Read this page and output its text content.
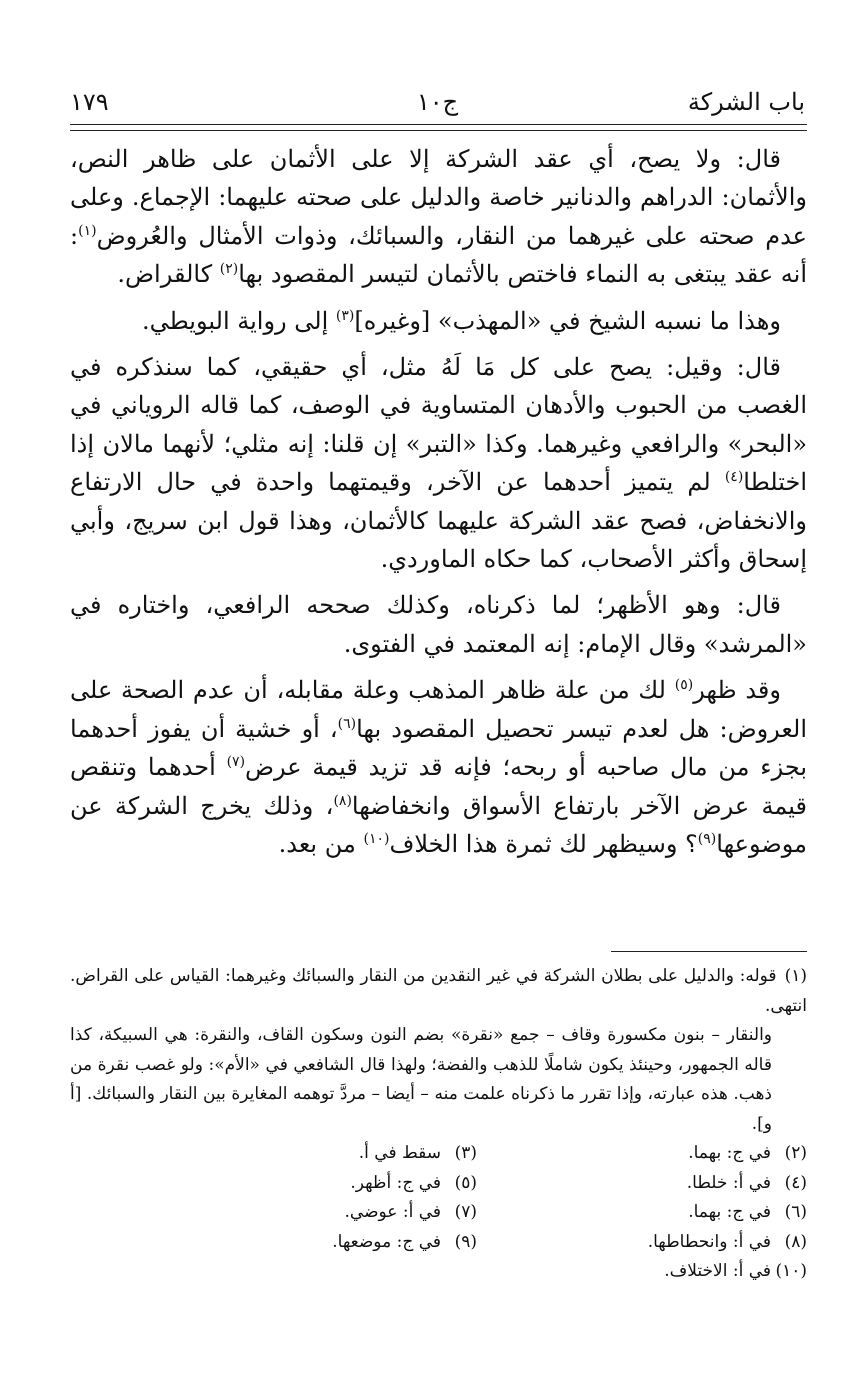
باب الشركة
ج١٠
١٧٩

قال: ولا يصح، أي عقد الشركة إلا على الأثمان على ظاهر النص، والأثمان: الدراهم والدنانير خاصة والدليل على صحته عليهما: الإجماع. وعلى عدم صحته على غيرهما من النقار، والسبائك، وذوات الأمثال والعُروض$^{(١)}$: أنه عقد يبتغى به النماء فاختص بالأثمان لتيسر المقصود بها$^{(٢)}$ كالقراض.

وهذا ما نسبه الشيخ في «المهذب» [وغيره]$^{(٣)}$ إلى رواية البويطي.

قال: وقيل: يصح على كل مَا لَهُ مثل، أي حقيقي، كما سنذكره في الغصب من الحبوب والأدهان المتساوية في الوصف، كما قاله الروياني في «البحر» والرافعي وغيرهما. وكذا «التبر» إن قلنا: إنه مثلي؛ لأنهما مالان إذا اختلطا$^{(٤)}$ لم يتميز أحدهما عن الآخر، وقيمتهما واحدة في حال الارتفاع والانخفاض، فصح عقد الشركة عليهما كالأثمان، وهذا قول ابن سريج، وأبي إسحاق وأكثر الأصحاب، كما حكاه الماوردي.

قال: وهو الأظهر؛ لما ذكرناه، وكذلك صححه الرافعي، واختاره في «المرشد» وقال الإمام: إنه المعتمد في الفتوى.

وقد ظهر$^{(٥)}$ لك من علة ظاهر المذهب وعلة مقابله، أن عدم الصحة على العروض: هل لعدم تيسر تحصيل المقصود بها$^{(٦)}$، أو خشية أن يفوز أحدهما بجزء من مال صاحبه أو ربحه؛ فإنه قد تزيد قيمة عرض$^{(٧)}$ أحدهما وتنقص قيمة عرض الآخر بارتفاع الأسواق وانخفاضها$^{(٨)}$، وذلك يخرج الشركة عن موضوعها$^{(٩)}$؟ وسيظهر لك ثمرة هذا الخلاف$^{(١٠)}$ من بعد.

(١)قوله: والدليل على بطلان الشركة في غير النقدين من النقار والسبائك وغيرهما: القياس على القراض. انتهى.

والنقار – بنون مكسورة وقاف – جمع «نقرة» بضم النون وسكون القاف، والنقرة: هي السبيكة، كذا قاله الجمهور، وحينئذ يكون شاملًا للذهب والفضة؛ ولهذا قال الشافعي في «الأم»: ولو غصب نقرة من ذهب. هذه عبارته، وإذا تقرر ما ذكرناه علمت منه – أيضا – مردَّ توهمه المغايرة بين النقار والسبائك. [أ و].

(٢)في ج: بهما.
(٣)سقط في أ.
(٤)في أ: خلطا.
(٥)في ج: أظهر.
(٦)في ج: بهما.
(٧)في أ: عوضي.
(٨)في أ: وانحطاطها.
(٩)في ج: موضعها.
(١٠)في أ: الاختلاف.
